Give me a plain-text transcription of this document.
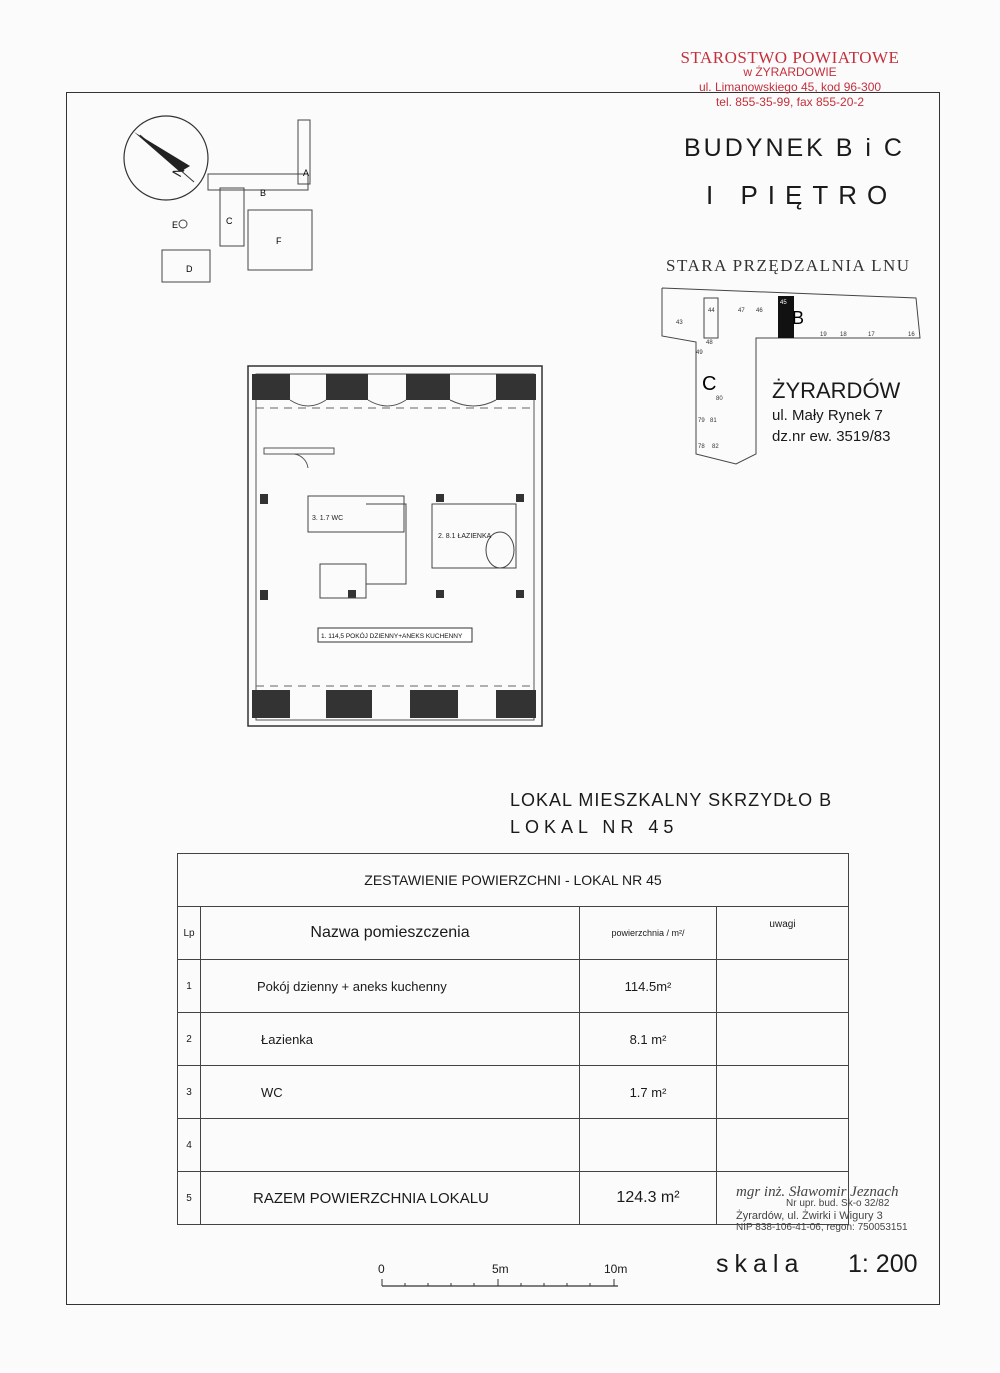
STAROSTWO POWIATOWE
w ŻYRARDOWIE
ul. Limanowskiego 45, kod 96-300
tel. 855-35-99, fax 855-20-2
BUDYNEK B i C
I PIĘTRO
STARA PRZĘDZALNIA LNU
N	A
B
C
D
E
F
B
C
43
44	47 46
45
19 18	17	16
48
49
80
79 81
78 82
ŻYRARDÓW
ul. Mały Rynek 7
dz.nr ew. 3519/83
3. 1.7 WC
2. 8.1 ŁAZIENKA
1. 114,5 POKÓJ DZIENNY+ANEKS KUCHENNY
LOKAL MIESZKALNY SKRZYDŁO B
LOKAL NR 45
ZESTAWIENIE POWIERZCHNI - LOKAL NR 45			
Lp	Nazwa pomieszczenia	powierzchnia / m²/	uwagi
1	Pokój dzienny + aneks kuchenny	114.5m²	
2	Łazienka	8.1 m²	
3	WC	1.7 m²	
4			
5	RAZEM POWIERZCHNIA LOKALU	124.3 m²		mgr inż. Sławomir Jeznach
Nr upr. bud. Sk-o 32/82
Żyrardów, ul. Żwirki i Wigury 3
NIP 838-106-41-06, regon: 750053151
0	5m	10m	skala 1: 200
